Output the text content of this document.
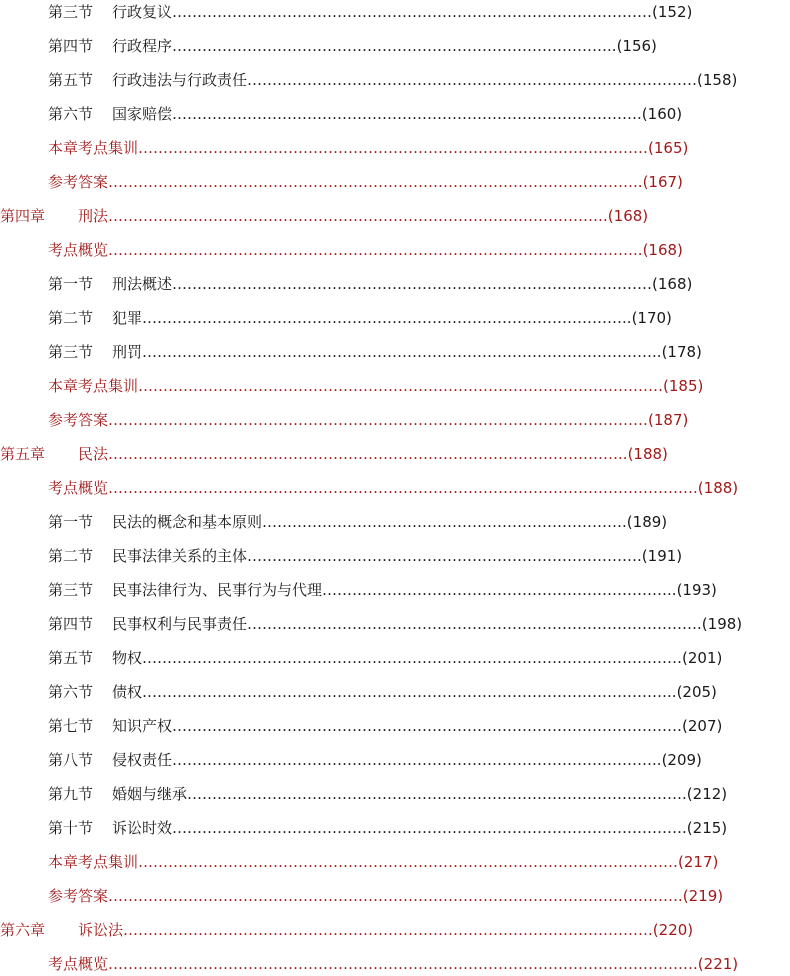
第三节	行政复议 …………………………………………………………………………………… (152)
第四节	行政程序 …………………………………………………………………………….. (156)
第五节	行政违法与行政责任 ……………………………………………………………………………… (158)
第六节	国家赔偿 …………………………………………………………………………………. (160)
本章考点集训 ………………………………………………………………………………………… (165)
参考答案 …………………………………………………………………………………………….. (167)
第四章	刑法 ………………………………………………………………………………………. (168)
考点概览 …………………………………………………………………………………………….. (168)
第一节	刑法概述 …………………………………………………………………………………… (168)
第二节	犯罪 …………………………………………………………………………………….. (170)
第三节	刑罚 ………………………………………………………………………………………….. (178)
本章考点集训 …………………………………………………………………………………………… (185)
参考答案 ……………………………………………………………………………………………… (187)
第五章	民法 ………………………………………………………………………………………….. (188)
考点概览 ………………………………………………………………………………………………………. (188)
第一节	民法的概念和基本原则 ………………………………………………………………. (189)
第二节	民事法律关系的主体 ……………………………………………………………………. (191)
第三节	民事法律行为、民事行为与代理 …………………………………………………………….. (193)
第四节	民事权利与民事责任 ………………………………………………………………………………. (198)
第五节	物权 ……………………………………………………………………………………………… (201)
第六节	债权 …………………………………………………………………………………………….. (205)
第七节	知识产权 ………………………………………………………………………………………… (207)
第八节	侵权责任 …………………………………………………………………………………….. (209)
第九节	婚姻与继承 ………………………………………………………………………………………. (212)
第十节	诉讼时效 …………………………………………………………………………………………. (215)
本章考点集训 ……………………………………………………………………………………………… (217)
参考答案 ……………………………………………………………………………………………………. (219)
第六章	诉讼法 ……………………………………………………………………………………………. (220)
考点概览 ………………………………………………………………………………………………………. (221)
